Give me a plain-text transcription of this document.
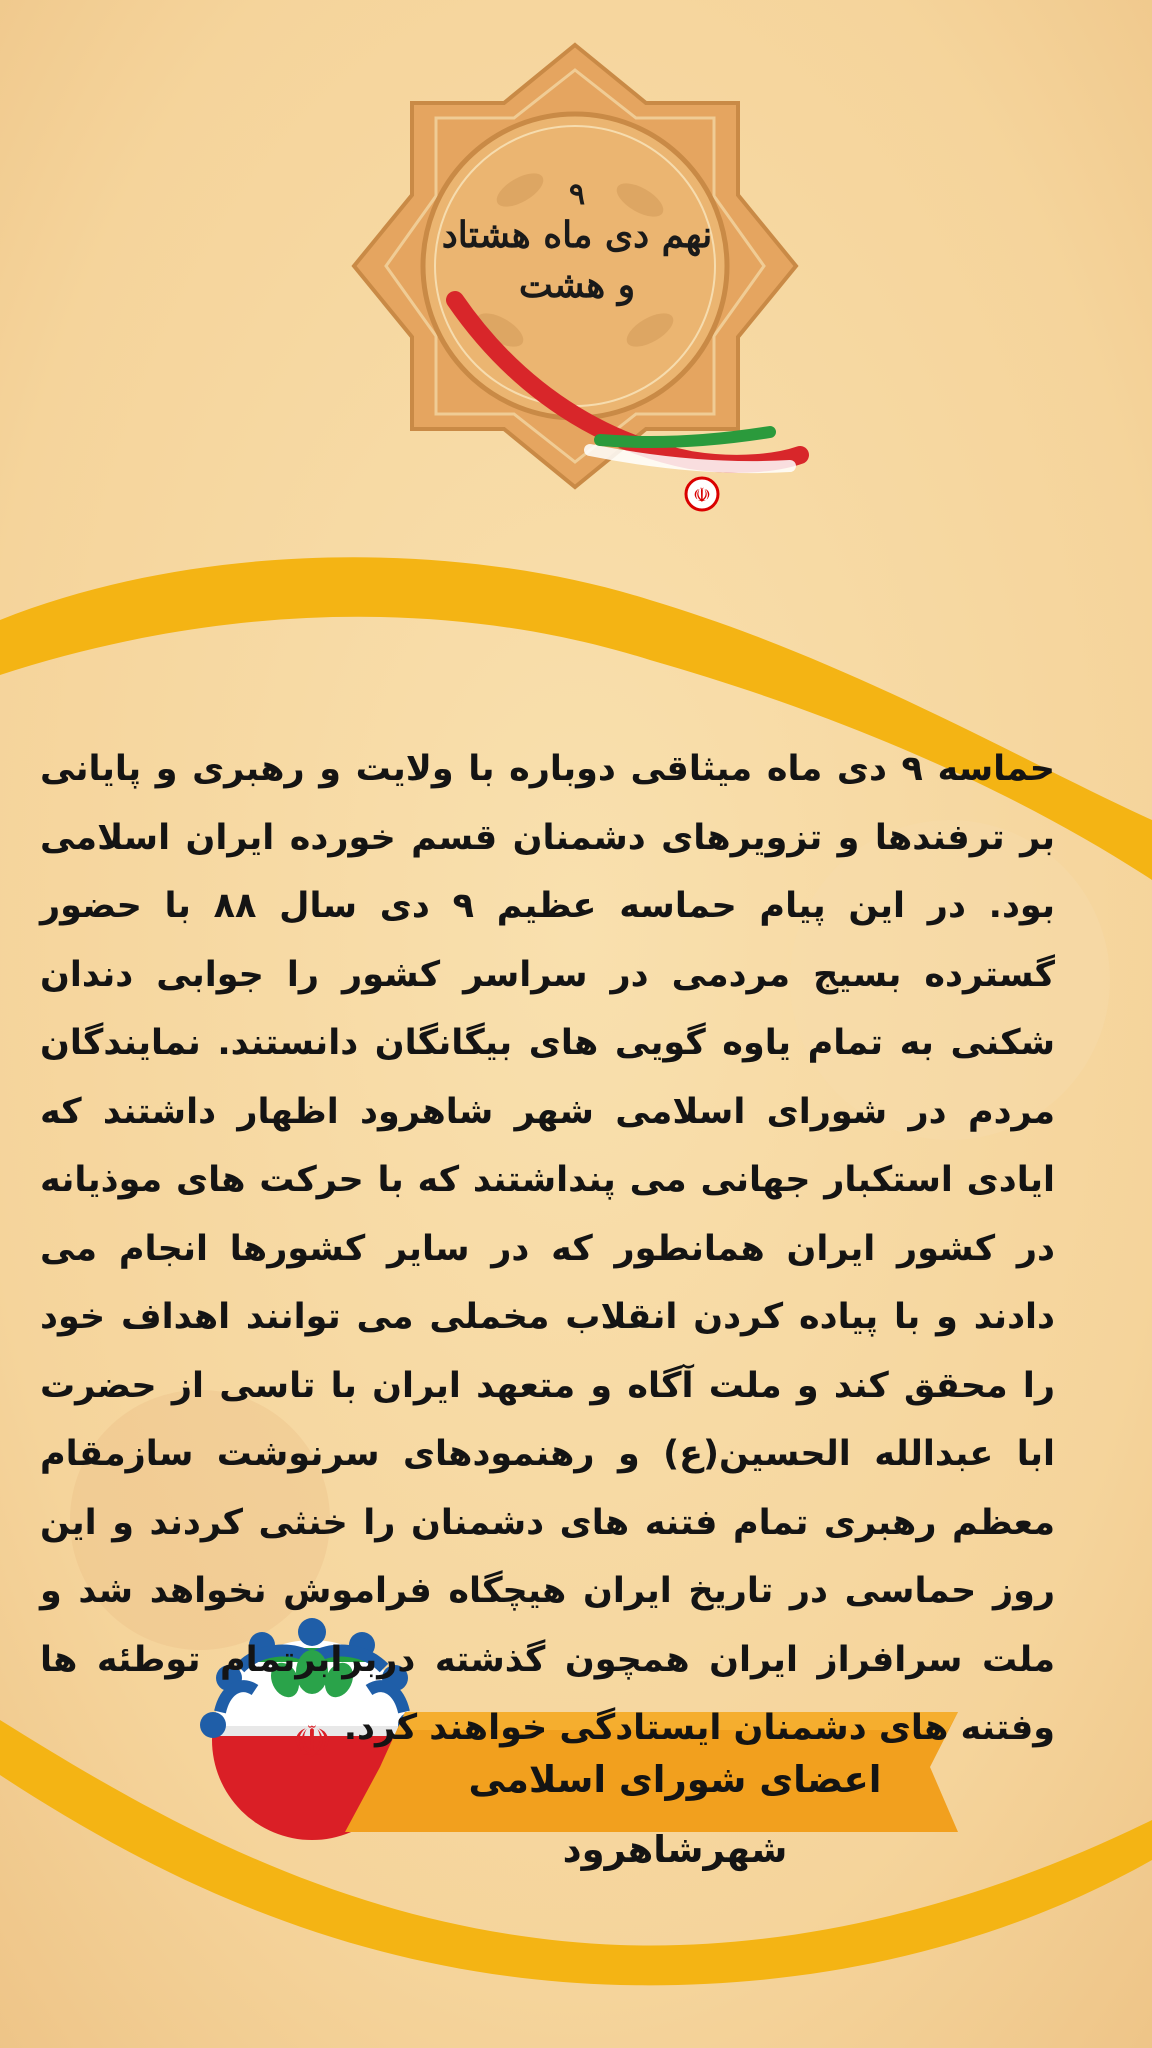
☫
☫
۹
نهم دی ماه هشتاد و هشت
حماسه ۹ دی ماه میثاقی دوباره با ولایت و رهبری و پایانی بر ترفندها و تزویرهای دشمنان قسم خورده ایران اسلامی بود. در این پیام حماسه عظیم ۹ دی سال ۸۸ با حضور گسترده بسیج مردمی در سراسر کشور را جوابی دندان شکنی به تمام یاوه گویی های بیگانگان دانستند. نمایندگان مردم در شورای اسلامی شهر شاهرود اظهار داشتند که ایادی استکبار جهانی می پنداشتند که با حرکت های موذیانه در کشور ایران همانطور که در سایر کشورها انجام می دادند و با پیاده کردن انقلاب مخملی می توانند اهداف خود را محقق کند و ملت آگاه و متعهد ایران با تاسی از حضرت ابا عبدالله الحسین(ع) و رهنمودهای سرنوشت سازمقام معظم رهبری تمام فتنه های دشمنان را خنثی کردند و این روز حماسی در تاریخ ایران هیچگاه فراموش نخواهد شد و ملت سرافراز ایران همچون گذشته دربرابرتمام توطئه ها وفتنه های دشمنان ایستادگی خواهند کرد.
اعضای شورای اسلامی شهرشاهرود
